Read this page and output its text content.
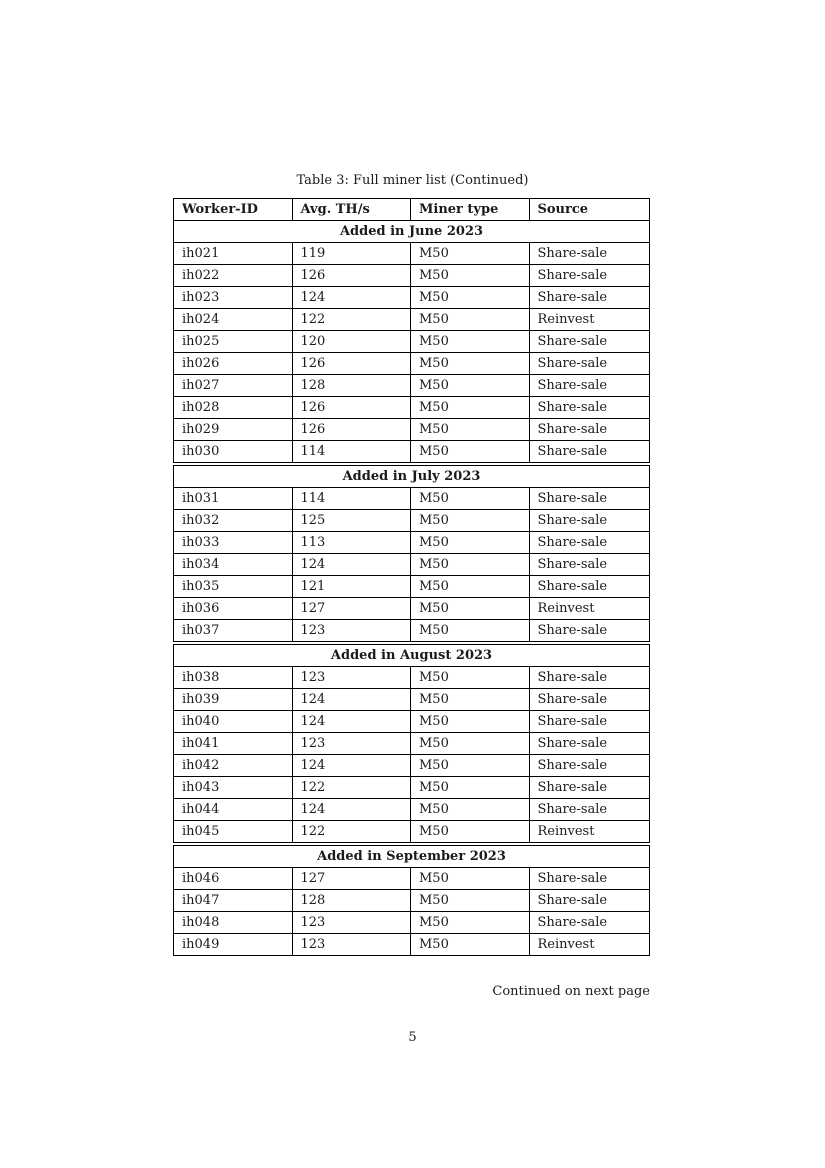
Table 3: Full miner list (Continued)
Worker-ID	Avg. TH/s	Miner type	Source
Added in June 2023
ih021	119	M50	Share-sale
ih022	126	M50	Share-sale
ih023	124	M50	Share-sale
ih024	122	M50	Reinvest
ih025	120	M50	Share-sale
ih026	126	M50	Share-sale
ih027	128	M50	Share-sale
ih028	126	M50	Share-sale
ih029	126	M50	Share-sale
ih030	114	M50	Share-sale
Added in July 2023
ih031	114	M50	Share-sale
ih032	125	M50	Share-sale
ih033	113	M50	Share-sale
ih034	124	M50	Share-sale
ih035	121	M50	Share-sale
ih036	127	M50	Reinvest
ih037	123	M50	Share-sale
Added in August 2023
ih038	123	M50	Share-sale
ih039	124	M50	Share-sale
ih040	124	M50	Share-sale
ih041	123	M50	Share-sale
ih042	124	M50	Share-sale
ih043	122	M50	Share-sale
ih044	124	M50	Share-sale
ih045	122	M50	Reinvest
Added in September 2023
ih046	127	M50	Share-sale
ih047	128	M50	Share-sale
ih048	123	M50	Share-sale
ih049	123	M50	Reinvest
Continued on next page
5
